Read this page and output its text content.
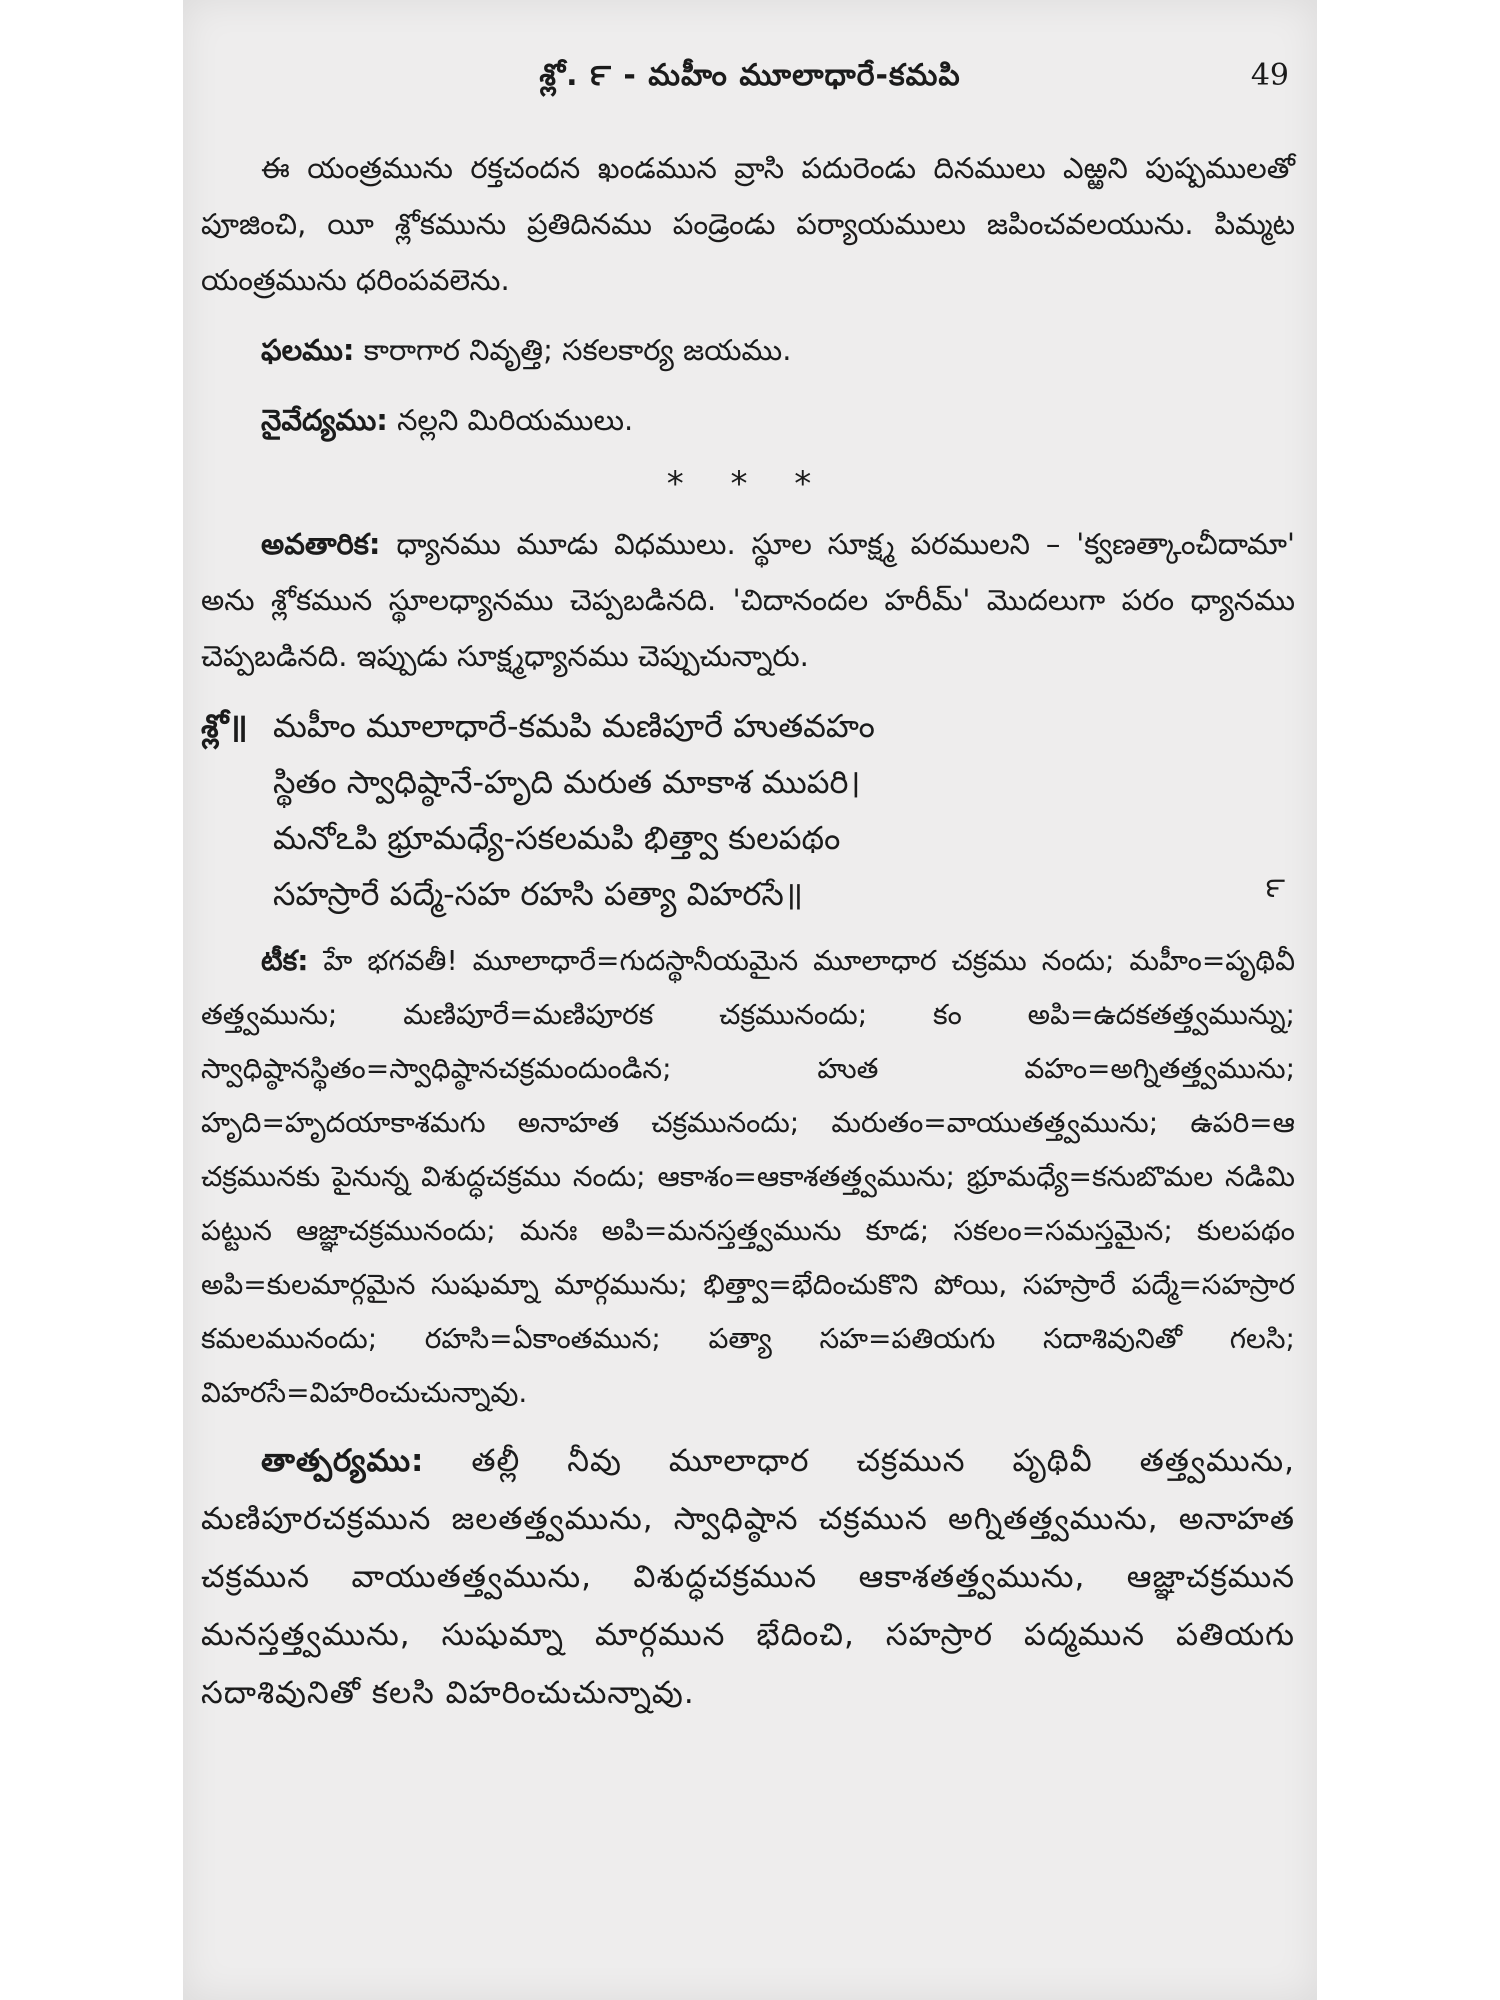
శ్లో. ౯ - మహీం మూలాధారే-కమపి	49

ఈ యంత్రమును రక్తచందన ఖండమున వ్రాసి పదురెండు దినములు ఎఱ్ఱని పుష్పములతో పూజించి, యీ శ్లోకమును ప్రతిదినము పండ్రెండు పర్యాయములు జపించవలయును. పిమ్మట యంత్రమును ధరింపవలెను.

ఫలము: కారాగార నివృత్తి; సకలకార్య జయము.

నైవేద్యము: నల్లని మిరియములు.

* * *

అవతారిక: ధ్యానము మూడు విధములు. స్థూల సూక్ష్మ పరములని – 'క్వణత్కాంచీదామా' అను శ్లోకమున స్థూలధ్యానము చెప్పబడినది. 'చిదానందల హరీమ్' మొదలుగా పరం ధ్యానము చెప్పబడినది. ఇప్పుడు సూక్ష్మధ్యానము చెప్పుచున్నారు.

శ్లో॥ మహీం మూలాధారే-కమపి మణిపూరే హుతవహం
స్థితం స్వాధిష్ఠానే-హృది మరుత మాకాశ ముపరి।
మనోఽపి భ్రూమధ్యే-సకలమపి భిత్త్వా కులపథం
సహస్రారే పద్మే-సహ రహసి పత్యా విహరసే॥	౯

టీక: హే భగవతీ! మూలాధారే=గుదస్థానీయమైన మూలాధార చక్రము నందు; మహీం=పృథివీ తత్త్వమును; మణిపూరే=మణిపూరక చక్రమునందు; కం అపి=ఉదకతత్త్వమున్ను; స్వాధిష్ఠానస్థితం=స్వాధిష్ఠానచక్రమందుండిన; హుత వహం=అగ్నితత్త్వమును; హృది=హృదయాకాశమగు అనాహత చక్రమునందు; మరుతం=వాయుతత్త్వమును; ఉపరి=ఆ చక్రమునకు పైనున్న విశుద్ధచక్రము నందు; ఆకాశం=ఆకాశతత్త్వమును; భ్రూమధ్యే=కనుబొమల నడిమి పట్టున ఆజ్ఞాచక్రమునందు; మనః అపి=మనస్తత్త్వమును కూడ; సకలం=సమస్తమైన; కులపథం అపి=కులమార్గమైన సుషుమ్నా మార్గమును; భిత్త్వా=భేదించుకొని పోయి, సహస్రారే పద్మే=సహస్రార కమలమునందు; రహసి=ఏకాంతమున; పత్యా సహ=పతియగు సదాశివునితో గలసి; విహరసే=విహరించుచున్నావు.

తాత్పర్యము: తల్లీ నీవు మూలాధార చక్రమున పృథివీ తత్త్వమును, మణిపూరచక్రమున జలతత్త్వమును, స్వాధిష్ఠాన చక్రమున అగ్నితత్త్వమును, అనాహత చక్రమున వాయుతత్త్వమును, విశుద్ధచక్రమున ఆకాశతత్త్వమును, ఆజ్ఞాచక్రమున మనస్తత్త్వమును, సుషుమ్నా మార్గమున భేదించి, సహస్రార పద్మమున పతియగు సదాశివునితో కలసి విహరించుచున్నావు.
